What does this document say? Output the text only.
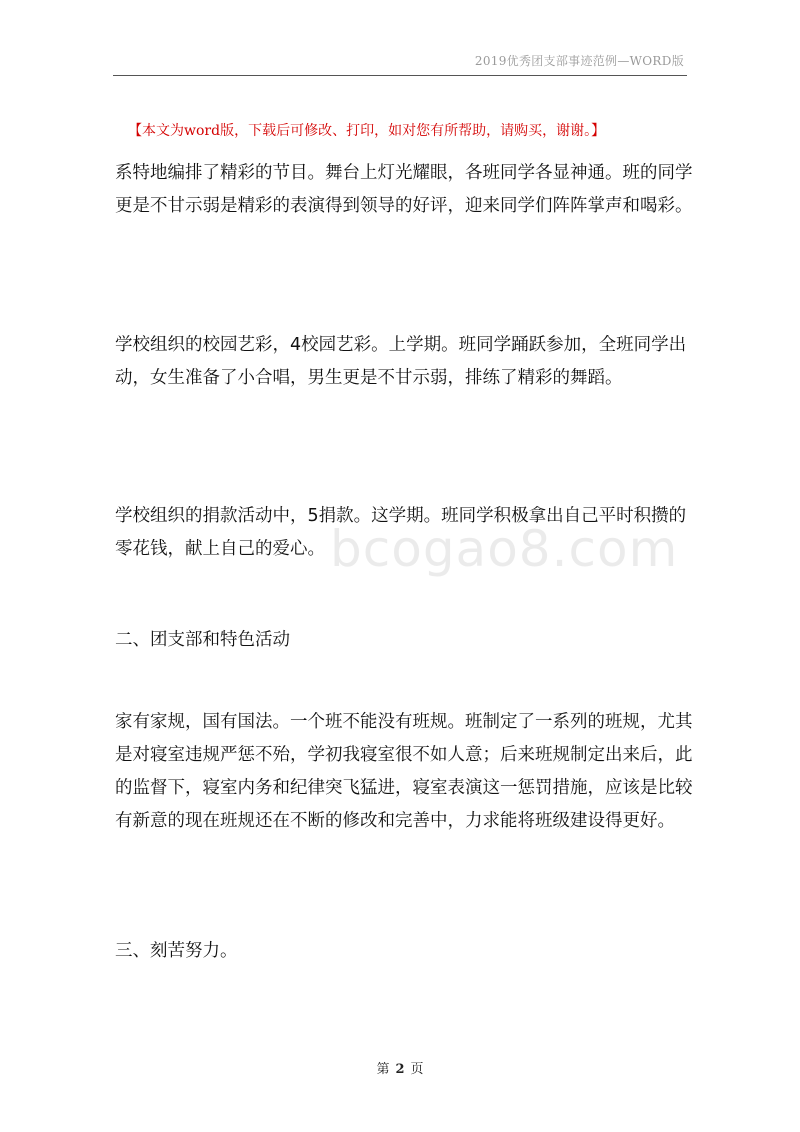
2019优秀团支部事迹范例—WORD版
【本文为word版，下载后可修改、打印，如对您有所帮助，请购买，谢谢。】

系特地编排了精彩的节目。舞台上灯光耀眼，各班同学各显神通。班的同学更是不甘示弱是精彩的表演得到领导的好评，迎来同学们阵阵掌声和喝彩。

学校组织的校园艺彩，4校园艺彩。上学期。班同学踊跃参加，全班同学出动，女生准备了小合唱，男生更是不甘示弱，排练了精彩的舞蹈。

学校组织的捐款活动中，5捐款。这学期。班同学积极拿出自己平时积攒的零花钱，献上自己的爱心。

二、团支部和特色活动

家有家规，国有国法。一个班不能没有班规。班制定了一系列的班规，尤其是对寝室违规严惩不殆，学初我寝室很不如人意；后来班规制定出来后，此的监督下，寝室内务和纪律突飞猛进，寝室表演这一惩罚措施，应该是比较有新意的现在班规还在不断的修改和完善中，力求能将班级建设得更好。

三、刻苦努力。

bcogao8.com
第 2 页
